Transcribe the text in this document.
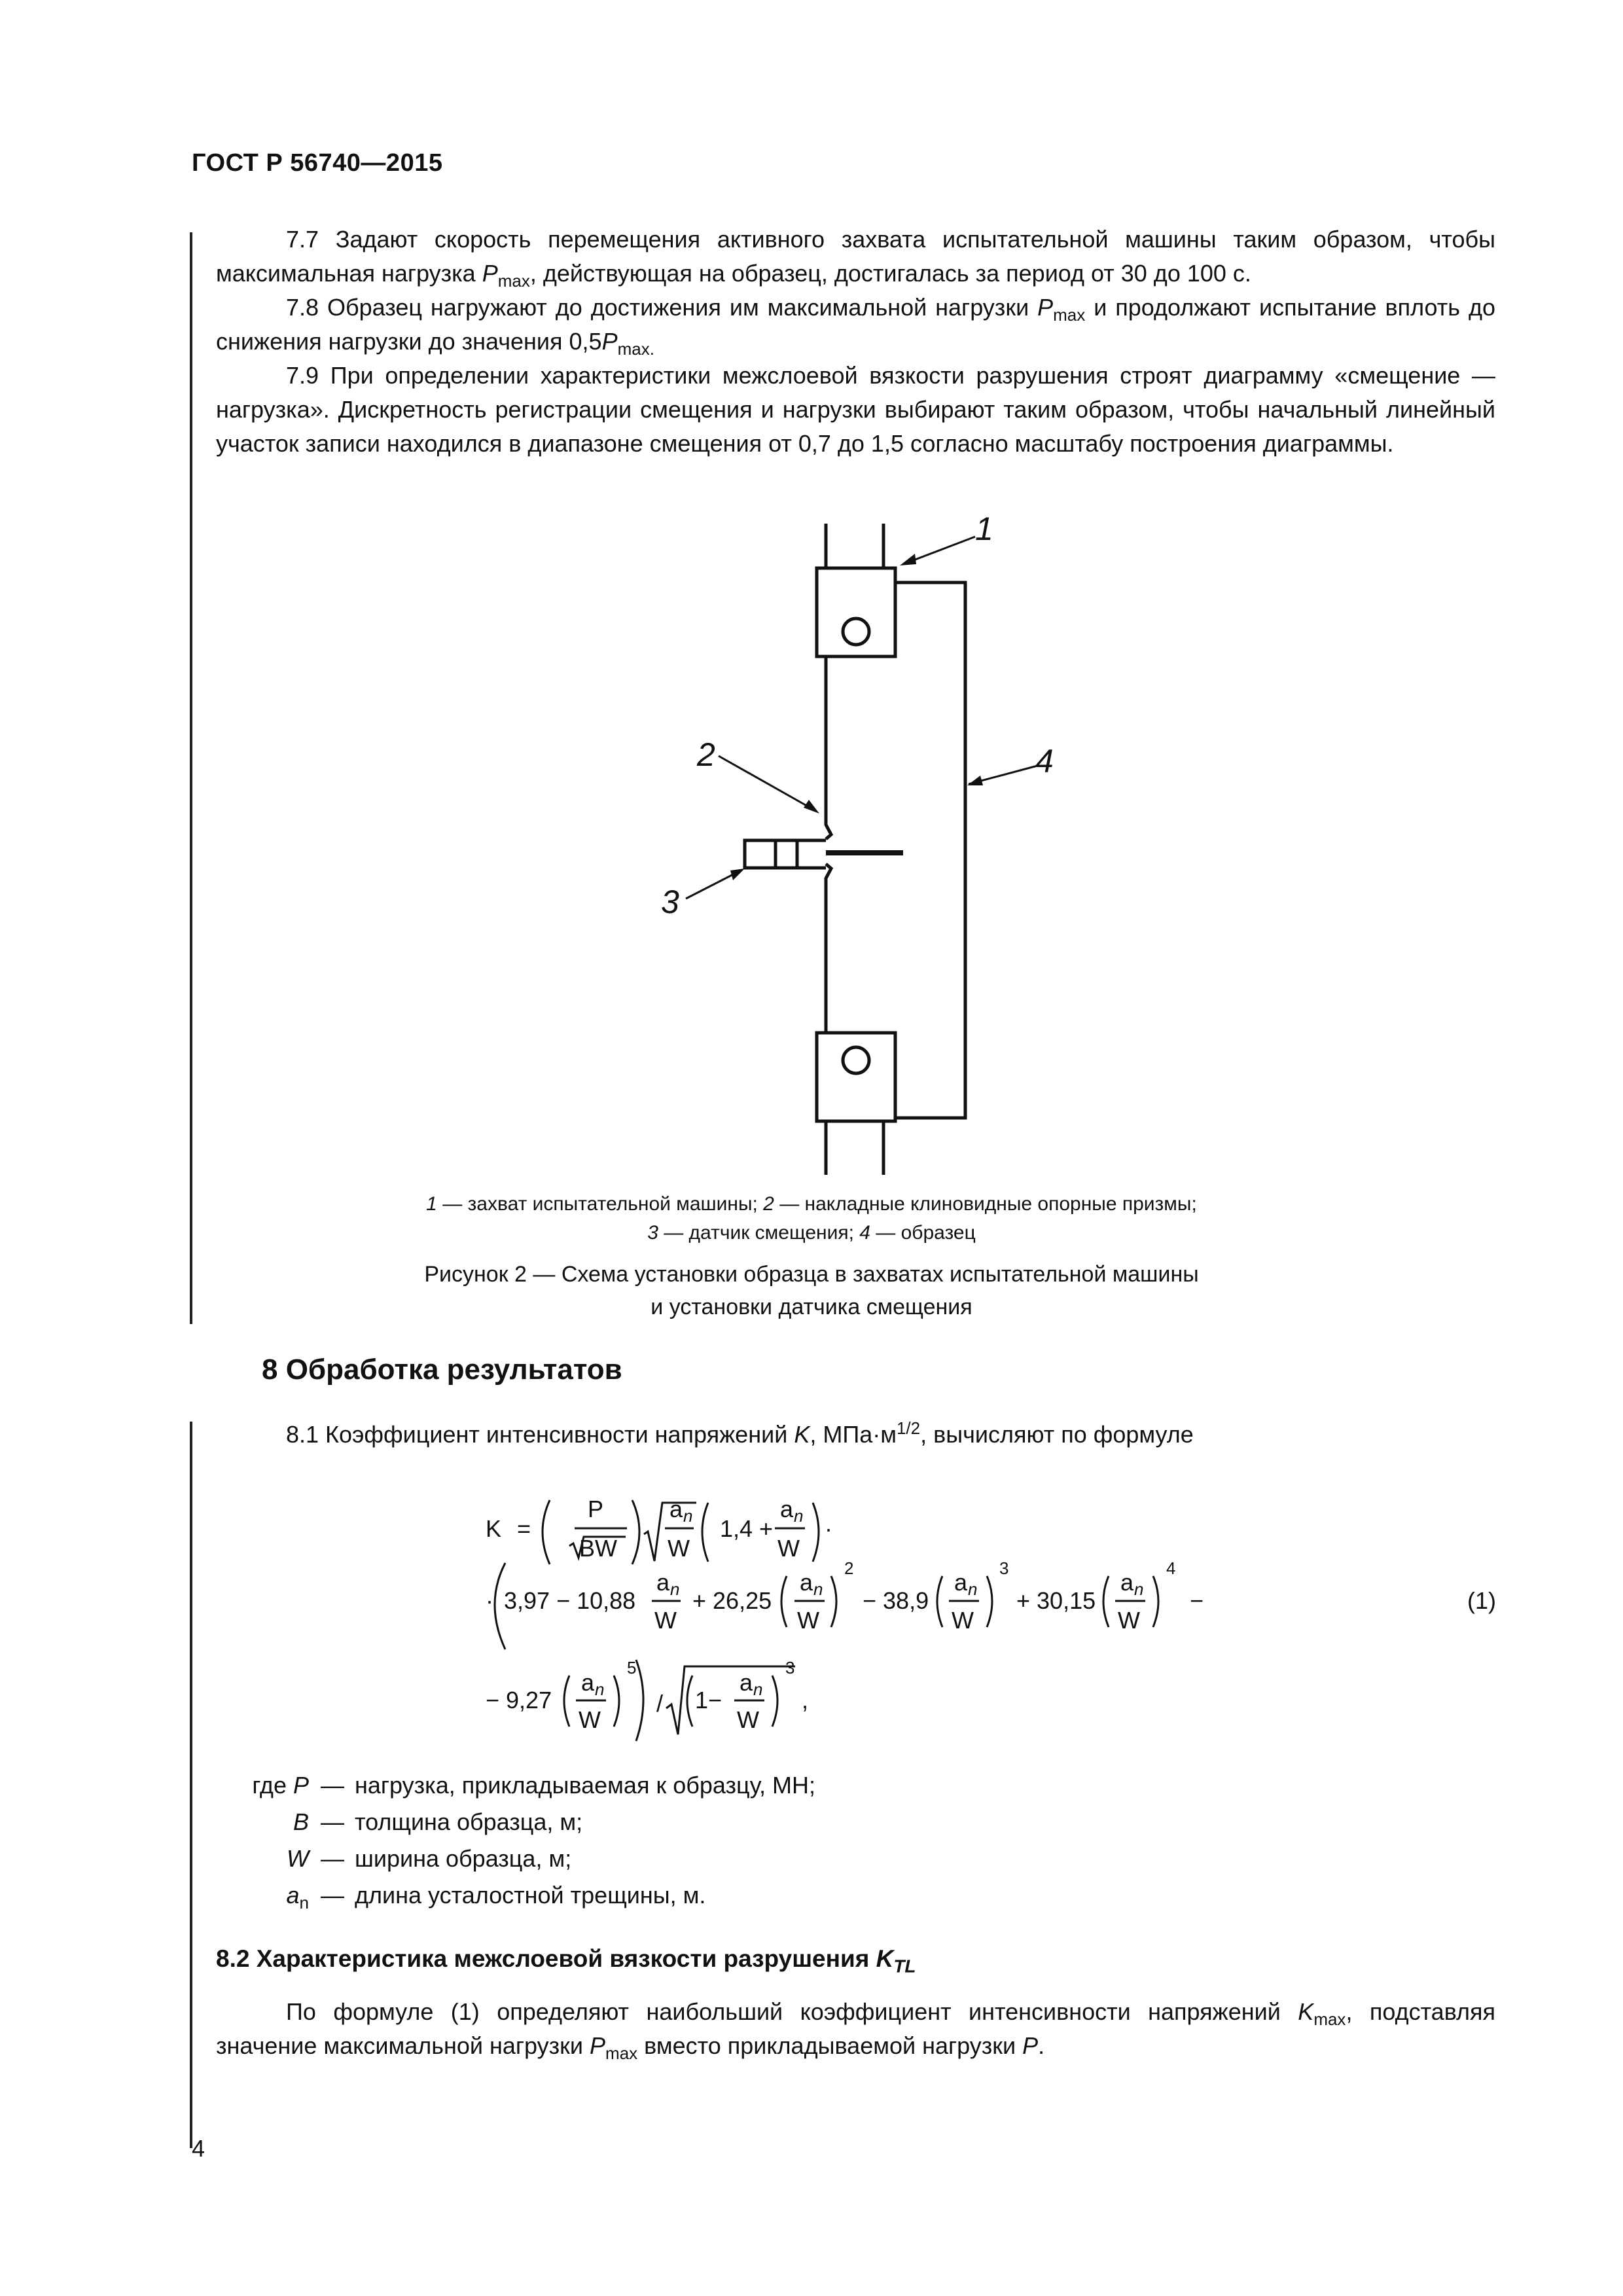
ГОСТ Р 56740—2015

7.7 Задают скорость перемещения активного захвата испытательной машины таким образом, чтобы максимальная нагрузка $P_{max}$, действующая на образец, достигалась за период от 30 до 100 с.

7.8 Образец нагружают до достижения им максимальной нагрузки $P_{max}$ и продолжают испытание вплоть до снижения нагрузки до значения $0,5P_{max.}$

7.9 При определении характеристики межслоевой вязкости разрушения строят диаграмму «смещение — нагрузка». Дискретность регистрации смещения и нагрузки выбирают таким образом, чтобы начальный линейный участок записи находился в диапазоне смещения от 0,7 до 1,5 согласно масштабу построения диаграммы.

1
2
3
4
1 — захват испытательной машины; 2 — накладные клиновидные опорные призмы;
3 — датчик смещения; 4 — образец
Рисунок 2 — Схема установки образца в захватах испытательной машины
и установки датчика смещения
8 Обработка результатов

8.1 Коэффициент интенсивности напряжений K, $МПа\cdot м^{1/2}$, вычисляют по формуле

K =
P
BW
a n
W
1,4 +
a n
W
·
· 3,97 − 10,88
a n
W
+ 26,25
a n
W
2
− 38,9
a n
W
3
+ 30,15
a n
W
4
−	(1)
− 9,27
a n
W
5
/ 1−
a n
W
3
,
где P — нагрузка, прикладываемая к образцу, МН;
B — толщина образца, м;
W — ширина образца, м;
$a_n$ — длина усталостной трещины, м.
8.2 Характеристика межслоевой вязкости разрушения $K_{TL}$

По формуле (1) определяют наибольший коэффициент интенсивности напряжений $K_{max}$, подставляя значение максимальной нагрузки $P_{max}$ вместо прикладываемой нагрузки P.

4
